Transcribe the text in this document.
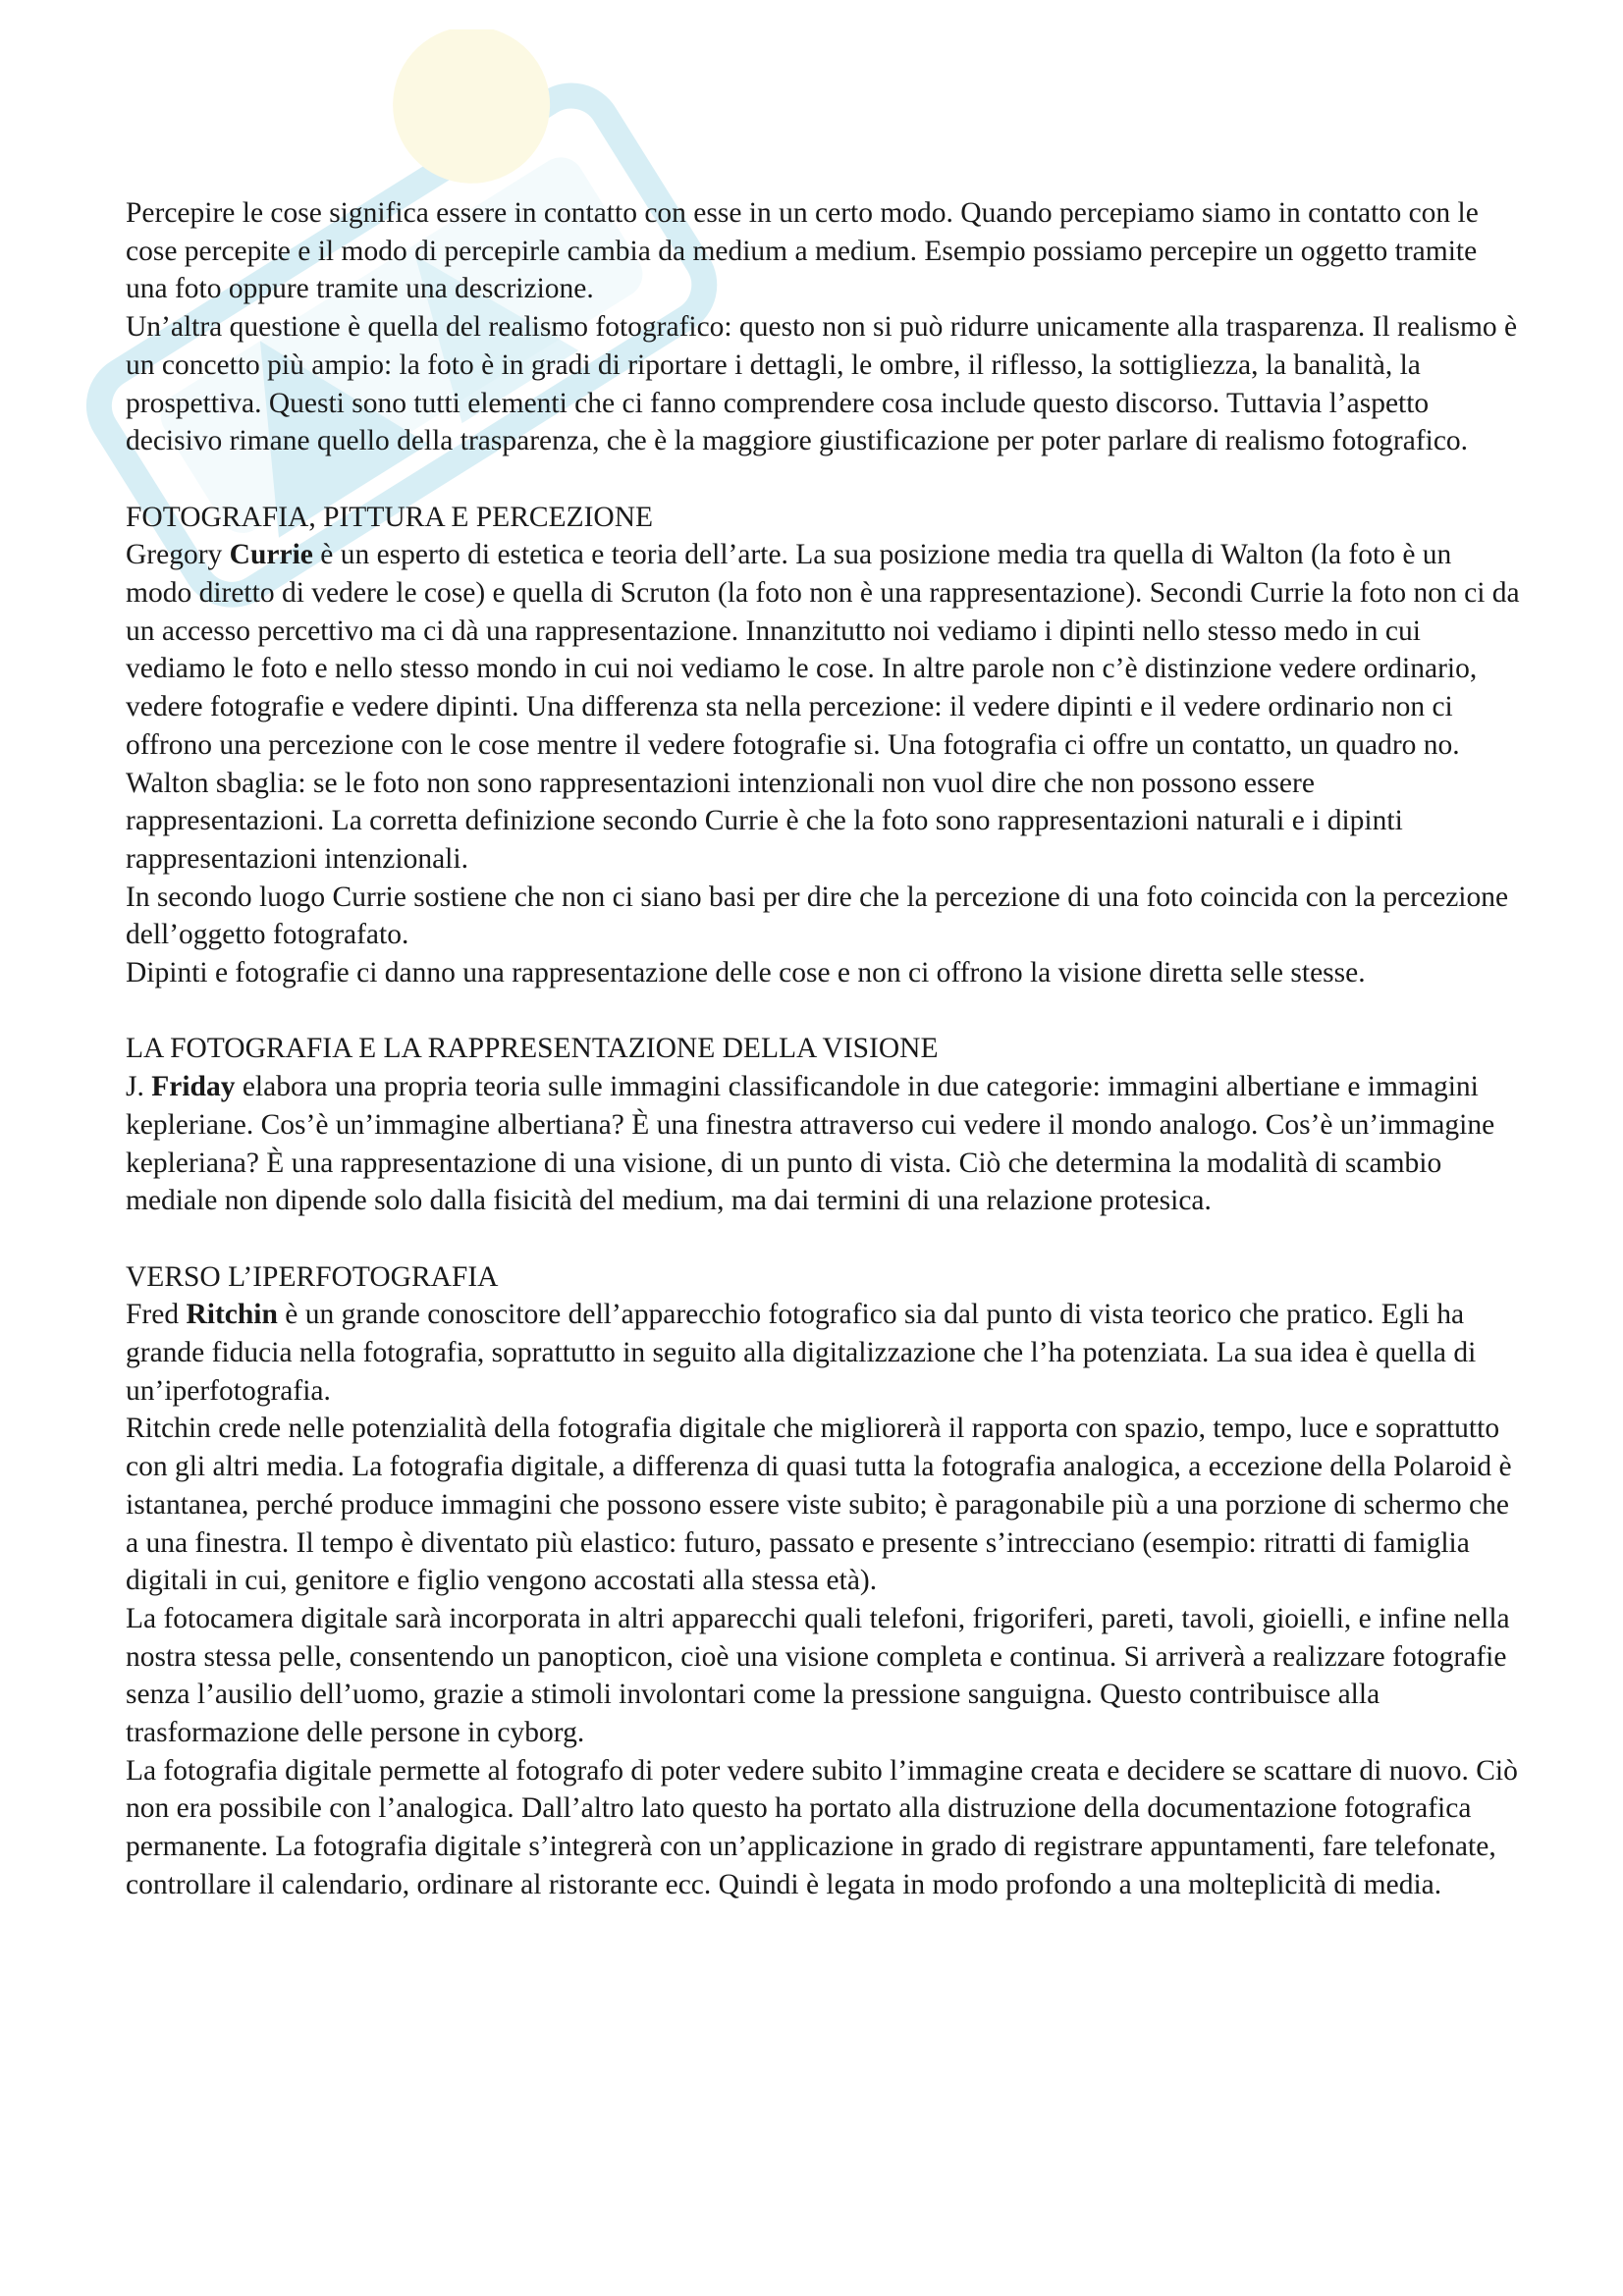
Percepire le cose significa essere in contatto con esse in un certo modo. Quando percepiamo siamo in contatto con le cose percepite e il modo di percepirle cambia da medium a medium. Esempio possiamo percepire un oggetto tramite una foto oppure tramite una descrizione.

Un’altra questione è quella del realismo fotografico: questo non si può ridurre unicamente alla trasparenza. Il realismo è un concetto più ampio: la foto è in gradi di riportare i dettagli, le ombre, il riflesso, la sottigliezza, la banalità, la prospettiva. Questi sono tutti elementi che ci fanno comprendere cosa include questo discorso. Tuttavia l’aspetto decisivo rimane quello della trasparenza, che è la maggiore giustificazione per poter parlare di realismo fotografico.

FOTOGRAFIA, PITTURA E PERCEZIONE

Gregory Currie è un esperto di estetica e teoria dell’arte. La sua posizione media tra quella di Walton (la foto è un modo diretto di vedere le cose) e quella di Scruton (la foto non è una rappresentazione). Secondi Currie la foto non ci da un accesso percettivo ma ci dà una rappresentazione. Innanzitutto noi vediamo i dipinti nello stesso medo in cui vediamo le foto e nello stesso mondo in cui noi vediamo le cose. In altre parole non c’è distinzione vedere ordinario, vedere fotografie e vedere dipinti. Una differenza sta nella percezione: il vedere dipinti e il vedere ordinario non ci offrono una percezione con le cose mentre il vedere fotografie si. Una fotografia ci offre un contatto, un quadro no.

Walton sbaglia: se le foto non sono rappresentazioni intenzionali non vuol dire che non possono essere rappresentazioni. La corretta definizione secondo Currie è che la foto sono rappresentazioni naturali e i dipinti rappresentazioni intenzionali.

In secondo luogo Currie sostiene che non ci siano basi per dire che la percezione di una foto coincida con la percezione dell’oggetto fotografato.

Dipinti e fotografie ci danno una rappresentazione delle cose e non ci offrono la visione diretta selle stesse.

LA FOTOGRAFIA E LA RAPPRESENTAZIONE DELLA VISIONE

J. Friday elabora una propria teoria sulle immagini classificandole in due categorie: immagini albertiane e immagini kepleriane. Cos’è un’immagine albertiana? È una finestra attraverso cui vedere il mondo analogo. Cos’è un’immagine kepleriana? È una rappresentazione di una visione, di un punto di vista. Ciò che determina la modalità di scambio mediale non dipende solo dalla fisicità del medium, ma dai termini di una relazione protesica.

VERSO L’IPERFOTOGRAFIA

Fred Ritchin è un grande conoscitore dell’apparecchio fotografico sia dal punto di vista teorico che pratico. Egli ha grande fiducia nella fotografia, soprattutto in seguito alla digitalizzazione che l’ha potenziata. La sua idea è quella di un’iperfotografia.

Ritchin crede nelle potenzialità della fotografia digitale che migliorerà il rapporta con spazio, tempo, luce e soprattutto con gli altri media. La fotografia digitale, a differenza di quasi tutta la fotografia analogica, a eccezione della Polaroid è istantanea, perché produce immagini che possono essere viste subito; è paragonabile più a una porzione di schermo che a una finestra. Il tempo è diventato più elastico: futuro, passato e presente s’intrecciano (esempio: ritratti di famiglia digitali in cui, genitore e figlio vengono accostati alla stessa età).

La fotocamera digitale sarà incorporata in altri apparecchi quali telefoni, frigoriferi, pareti, tavoli, gioielli, e infine nella nostra stessa pelle, consentendo un panopticon, cioè una visione completa e continua. Si arriverà a realizzare fotografie senza l’ausilio dell’uomo, grazie a stimoli involontari come la pressione sanguigna. Questo contribuisce alla trasformazione delle persone in cyborg.

La fotografia digitale permette al fotografo di poter vedere subito l’immagine creata e decidere se scattare di nuovo. Ciò non era possibile con l’analogica. Dall’altro lato questo ha portato alla distruzione della documentazione fotografica permanente. La fotografia digitale s’integrerà con un’applicazione in grado di registrare appuntamenti, fare telefonate, controllare il calendario, ordinare al ristorante ecc. Quindi è legata in modo profondo a una molteplicità di media.
